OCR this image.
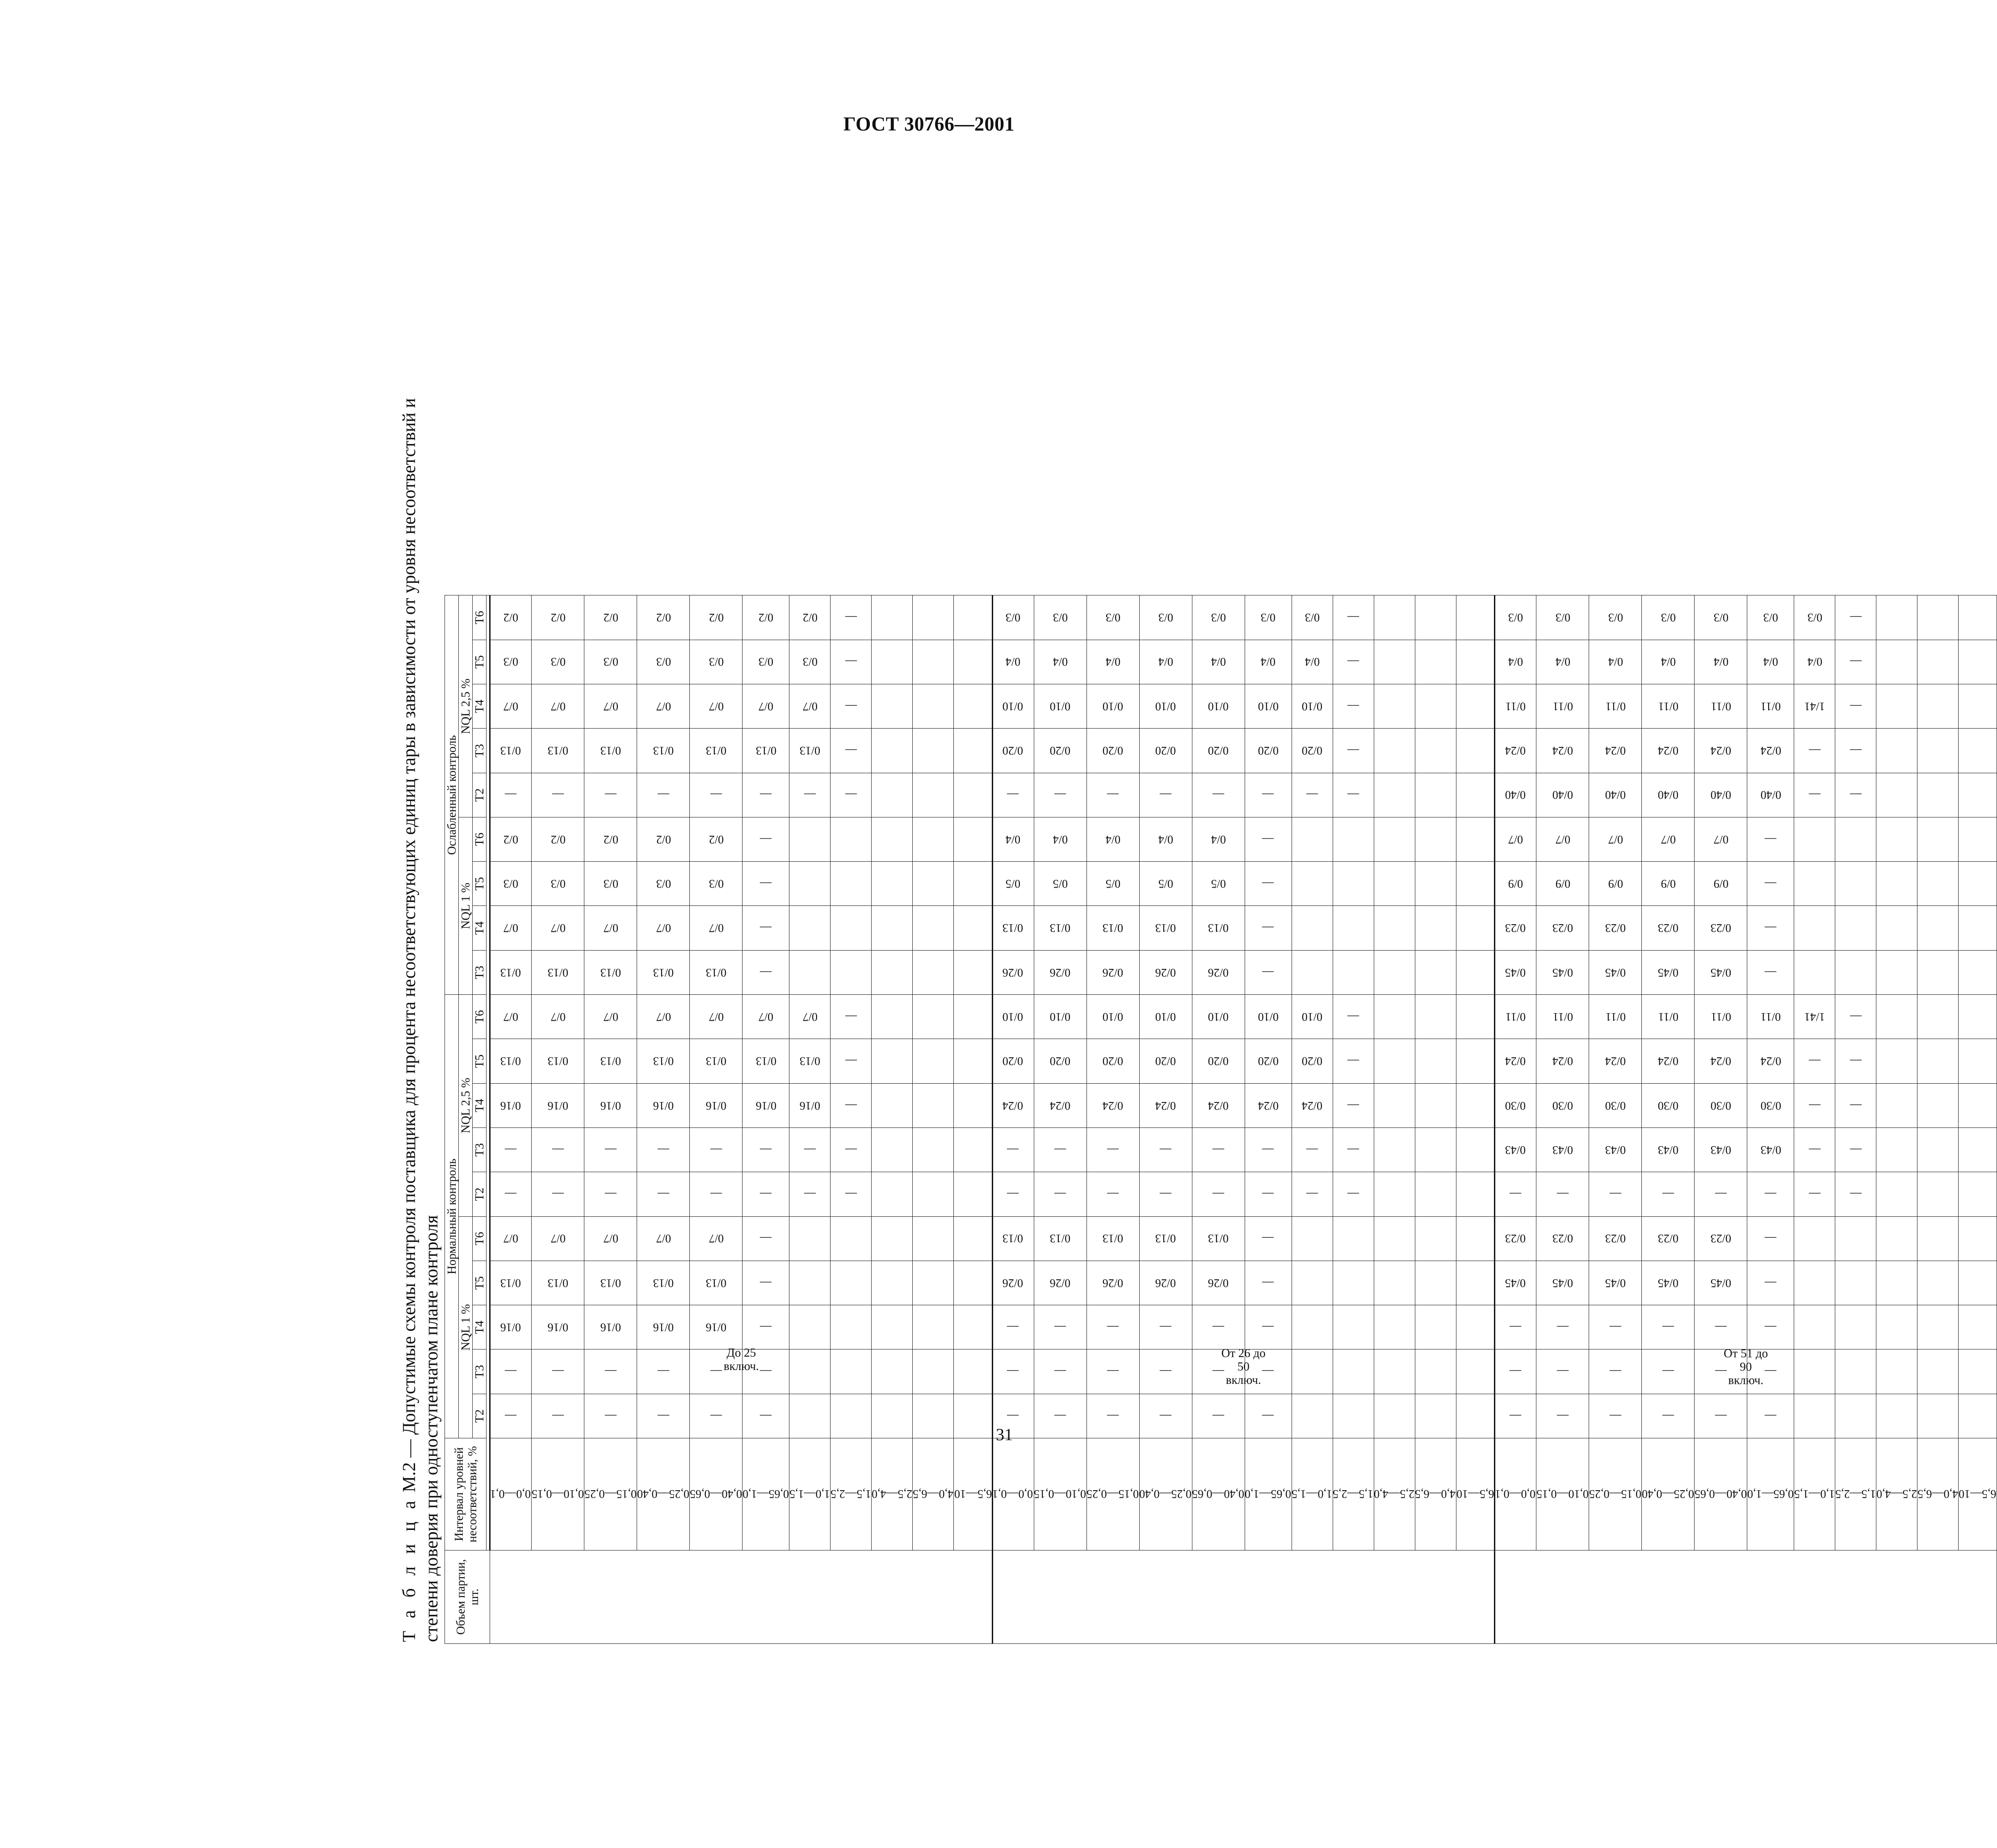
ГОСТ 30766—2001
Т а б л и ц а М.2 — Допустимые схемы контроля поставщика для процента несоответствующих единиц тары в зависимости от уровня несоответствий и степени доверия при одноступенчатом плане контроля Объем партии, шт.	Интервал уровней несоответствий, %	Нормальный контроль										Ослабленный контроль								
		NQL 1 %					NQL 2,5 %					NQL 1 %				NQL 2,5 %				
		T2	T3	T4	T5	T6	T2	T3	T4	T5	T6		T3	T4	T5	T6	T2	T3	T4	T5	T6

До 25 включ.	0,0—0,1	—	—	0/16	0/13	0/7	—	—	0/16	0/13	0/7		0/13	0/7	0/3	0/2	—	0/13	0/7	0/3	0/2
	0,10—0,15	—	—	0/16	0/13	0/7	—	—	0/16	0/13	0/7		0/13	0/7	0/3	0/2	—	0/13	0/7	0/3	0/2
	0,15—0,25	—	—	0/16	0/13	0/7	—	—	0/16	0/13	0/7		0/13	0/7	0/3	0/2	—	0/13	0/7	0/3	0/2
	0,25—0,40	—	—	0/16	0/13	0/7	—	—	0/16	0/13	0/7		0/13	0/7	0/3	0/2	—	0/13	0/7	0/3	0/2
	0,40—0,65	—	—	0/16	0/13	0/7	—	—	0/16	0/13	0/7		0/13	0/7	0/3	0/2	—	0/13	0/7	0/3	0/2
	0,65—1,0	—	—	—	—	—	—	—	0/16	0/13	0/7		—	—	—	—	—	0/13	0/7	0/3	0/2
	1,0—1,5						—	—	0/16	0/13	0/7						—	0/13	0/7	0/3	0/2
	1,5—2,5						—	—	—	—	—						—	—	—	—	—
	2,5—4,0																				
	4,0—6,5																				
	6,5—10																				

От 26 до 50 включ.	0,0—0,1	—	—	—	0/26	0/13	—	—	0/24	0/20	0/10		0/26	0/13	0/5	0/4	—	0/20	0/10	0/4	0/3
	0,10—0,15	—	—	—	0/26	0/13	—	—	0/24	0/20	0/10		0/26	0/13	0/5	0/4	—	0/20	0/10	0/4	0/3
	0,15—0,25	—	—	—	0/26	0/13	—	—	0/24	0/20	0/10		0/26	0/13	0/5	0/4	—	0/20	0/10	0/4	0/3
	0,25—0,40	—	—	—	0/26	0/13	—	—	0/24	0/20	0/10		0/26	0/13	0/5	0/4	—	0/20	0/10	0/4	0/3
	0,40—0,65	—	—	—	0/26	0/13	—	—	0/24	0/20	0/10		0/26	0/13	0/5	0/4	—	0/20	0/10	0/4	0/3
	0,65—1,0	—	—	—	—	—	—	—	0/24	0/20	0/10		—	—	—	—	—	0/20	0/10	0/4	0/3
	1,0—1,5						—	—	0/24	0/20	0/10						—	0/20	0/10	0/4	0/3
	1,5—2,5						—	—	—	—	—						—	—	—	—	—
	2,5—4,0																				
	4,0—6,5																				
	6,5—10																				

От 51 до 90 включ.	0,0—0,1	—	—	—	0/45	0/23	—	0/43	0/30	0/24	0/11		0/45	0/23	0/9	0/7	0/40	0/24	0/11	0/4	0/3
	0,10—0,15	—	—	—	0/45	0/23	—	0/43	0/30	0/24	0/11		0/45	0/23	0/9	0/7	0/40	0/24	0/11	0/4	0/3
	0,15—0,25	—	—	—	0/45	0/23	—	0/43	0/30	0/24	0/11		0/45	0/23	0/9	0/7	0/40	0/24	0/11	0/4	0/3
	0,25—0,40	—	—	—	0/45	0/23	—	0/43	0/30	0/24	0/11		0/45	0/23	0/9	0/7	0/40	0/24	0/11	0/4	0/3
	0,40—0,65	—	—	—	0/45	0/23	—	0/43	0/30	0/24	0/11		0/45	0/23	0/9	0/7	0/40	0/24	0/11	0/4	0/3
	0,65—1,0	—	—	—	—	—	—	0/43	0/30	0/24	0/11		—	—	—	—	0/40	0/24	0/11	0/4	0/3
	1,0—1,5						—	—	—	—	1/41						—	—	1/41	0/4	0/3
	1,5—2,5						—	—	—	—	—						—	—	—	—	—
	2,5—4,0																				
	4,0—6,5																				
	6,5—10																				
31
